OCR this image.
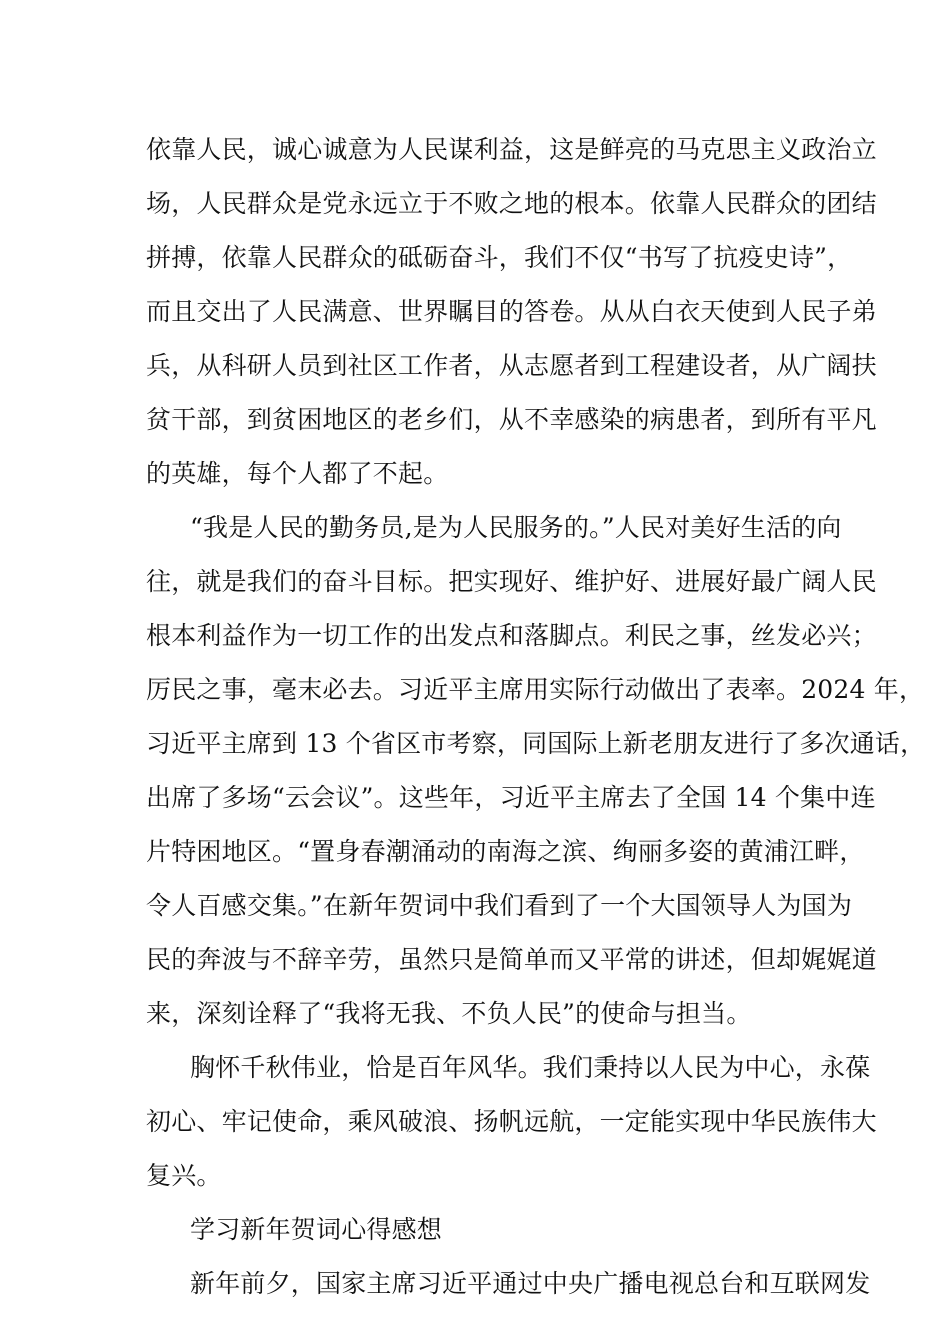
依靠人民，诚心诚意为人民谋利益，这是鲜亮的马克思主义政治立
场，人民群众是党永远立于不败之地的根本。依靠人民群众的团结
拼搏，依靠人民群众的砥砺奋斗，我们不仅“书写了抗疫史诗”，
而且交出了人民满意、世界瞩目的答卷。从从白衣天使到人民子弟
兵，从科研人员到社区工作者，从志愿者到工程建设者，从广阔扶
贫干部，到贫困地区的老乡们，从不幸感染的病患者，到所有平凡
的英雄，每个人都了不起。
“我是人民的勤务员,是为人民服务的。”人民对美好生活的向
往，就是我们的奋斗目标。把实现好、维护好、进展好最广阔人民
根本利益作为一切工作的出发点和落脚点。利民之事，丝发必兴；
厉民之事，毫末必去。习近平主席用实际行动做出了表率。2024 年，
习近平主席到 13 个省区市考察，同国际上新老朋友进行了多次通话，
出席了多场“云会议”。这些年，习近平主席去了全国 14 个集中连
片特困地区。“置身春潮涌动的南海之滨、绚丽多姿的黄浦江畔，
令人百感交集。”在新年贺词中我们看到了一个大国领导人为国为
民的奔波与不辞辛劳，虽然只是简单而又平常的讲述，但却娓娓道
来，深刻诠释了“我将无我、不负人民”的使命与担当。
胸怀千秋伟业，恰是百年风华。我们秉持以人民为中心，永葆
初心、牢记使命，乘风破浪、扬帆远航，一定能实现中华民族伟大
复兴。
学习新年贺词心得感想
新年前夕，国家主席习近平通过中央广播电视总台和互联网发
